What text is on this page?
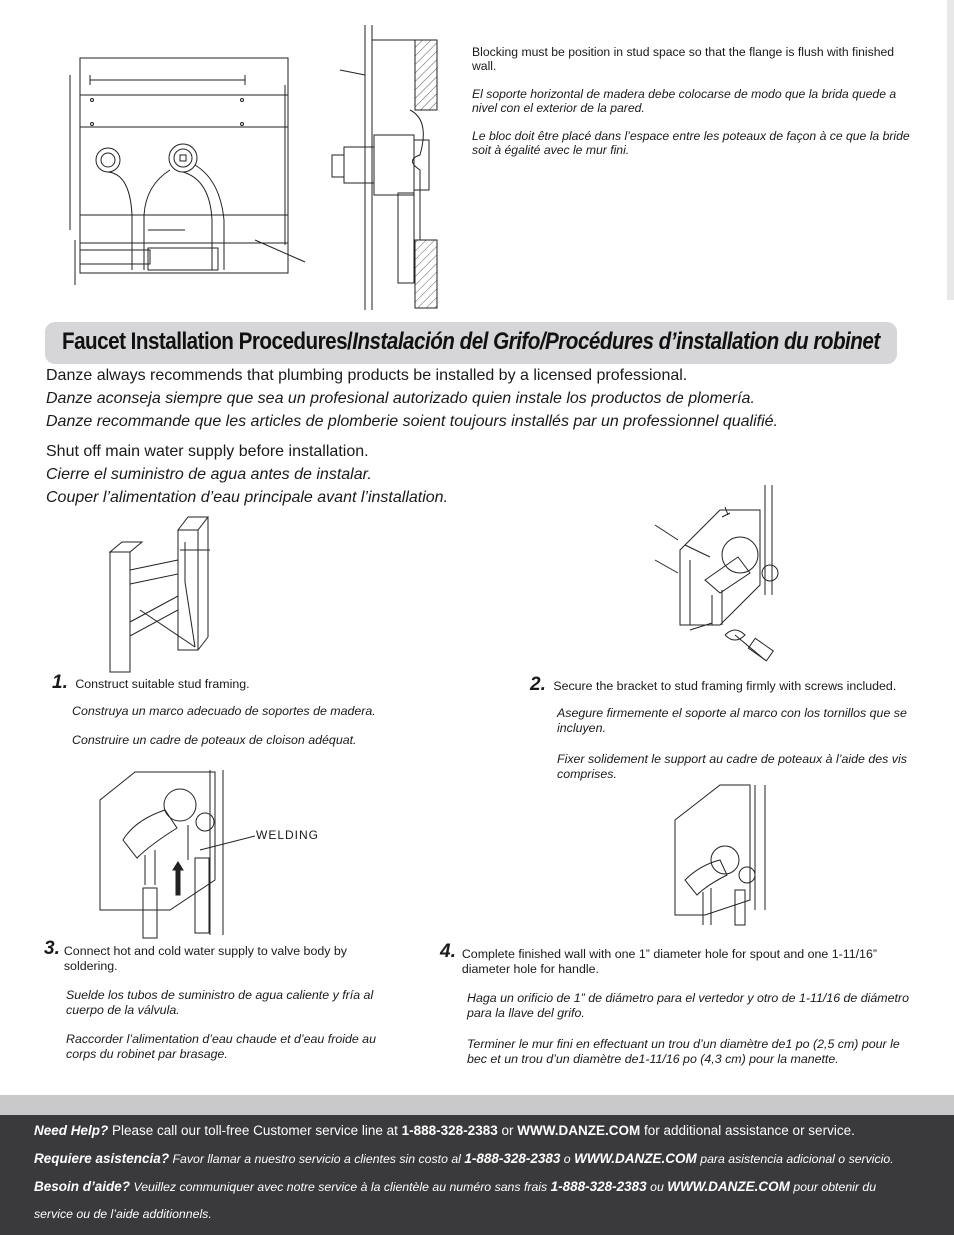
Blocking must be position in stud space so that the flange is flush with finished wall.

El soporte horizontal de madera debe colocarse de modo que la brida quede a nivel con el exterior de la pared.

Le bloc doit être placé dans l’espace entre les poteaux de façon à ce que la bride soit à égalité avec le mur fini.

Faucet Installation Procedures/Instalación del Grifo/Procédures d’installation du robinet
Danze always recommends that plumbing products be installed by a licensed professional.
Danze aconseja siempre que sea un profesional autorizado quien instale los productos de plomería.
Danze recommande que les articles de plomberie soient toujours installés par un professionnel qualifié.
Shut off main water supply before installation.
Cierre el suministro de agua antes de instalar.
Couper l’alimentation d’eau principale avant l’installation.
1. Construct suitable stud framing.

Construya un marco adecuado de soportes de madera.

Construire un cadre de poteaux de cloison adéquat.

2. Secure the bracket to stud framing firmly with screws included.

Asegure firmemente el soporte al marco con los tornillos que se incluyen.

Fixer solidement le support au cadre de poteaux à l’aide des vis comprises.

WELDING
3. Connect hot and cold water supply to valve body by soldering.

Suelde los tubos de suministro de agua caliente y fría al cuerpo de la válvula.

Raccorder l’alimentation d’eau chaude et d’eau froide au corps du robinet par brasage.

4. Complete finished wall with one 1” diameter hole for spout and one 1-11/16” diameter hole for handle.

Haga un orificio de 1” de diámetro para el vertedor y otro de 1-11/16 de diámetro para la llave del grifo.

Terminer le mur fini en effectuant un trou d’un diamètre de1 po (2,5 cm) pour le bec et un trou d’un diamètre de1-11/16 po (4,3 cm) pour la manette.

Need Help? Please call our toll-free Customer service line at 1-888-328-2383 or WWW.DANZE.COM for additional assistance or service.
Requiere asistencia? Favor llamar a nuestro servicio a clientes sin costo al 1-888-328-2383 o WWW.DANZE.COM para asistencia adicional o servicio.
Besoin d’aide? Veuillez communiquer avec notre service à la clientèle au numéro sans frais 1-888-328-2383 ou WWW.DANZE.COM pour obtenir du
service ou de l’aide additionnels.
